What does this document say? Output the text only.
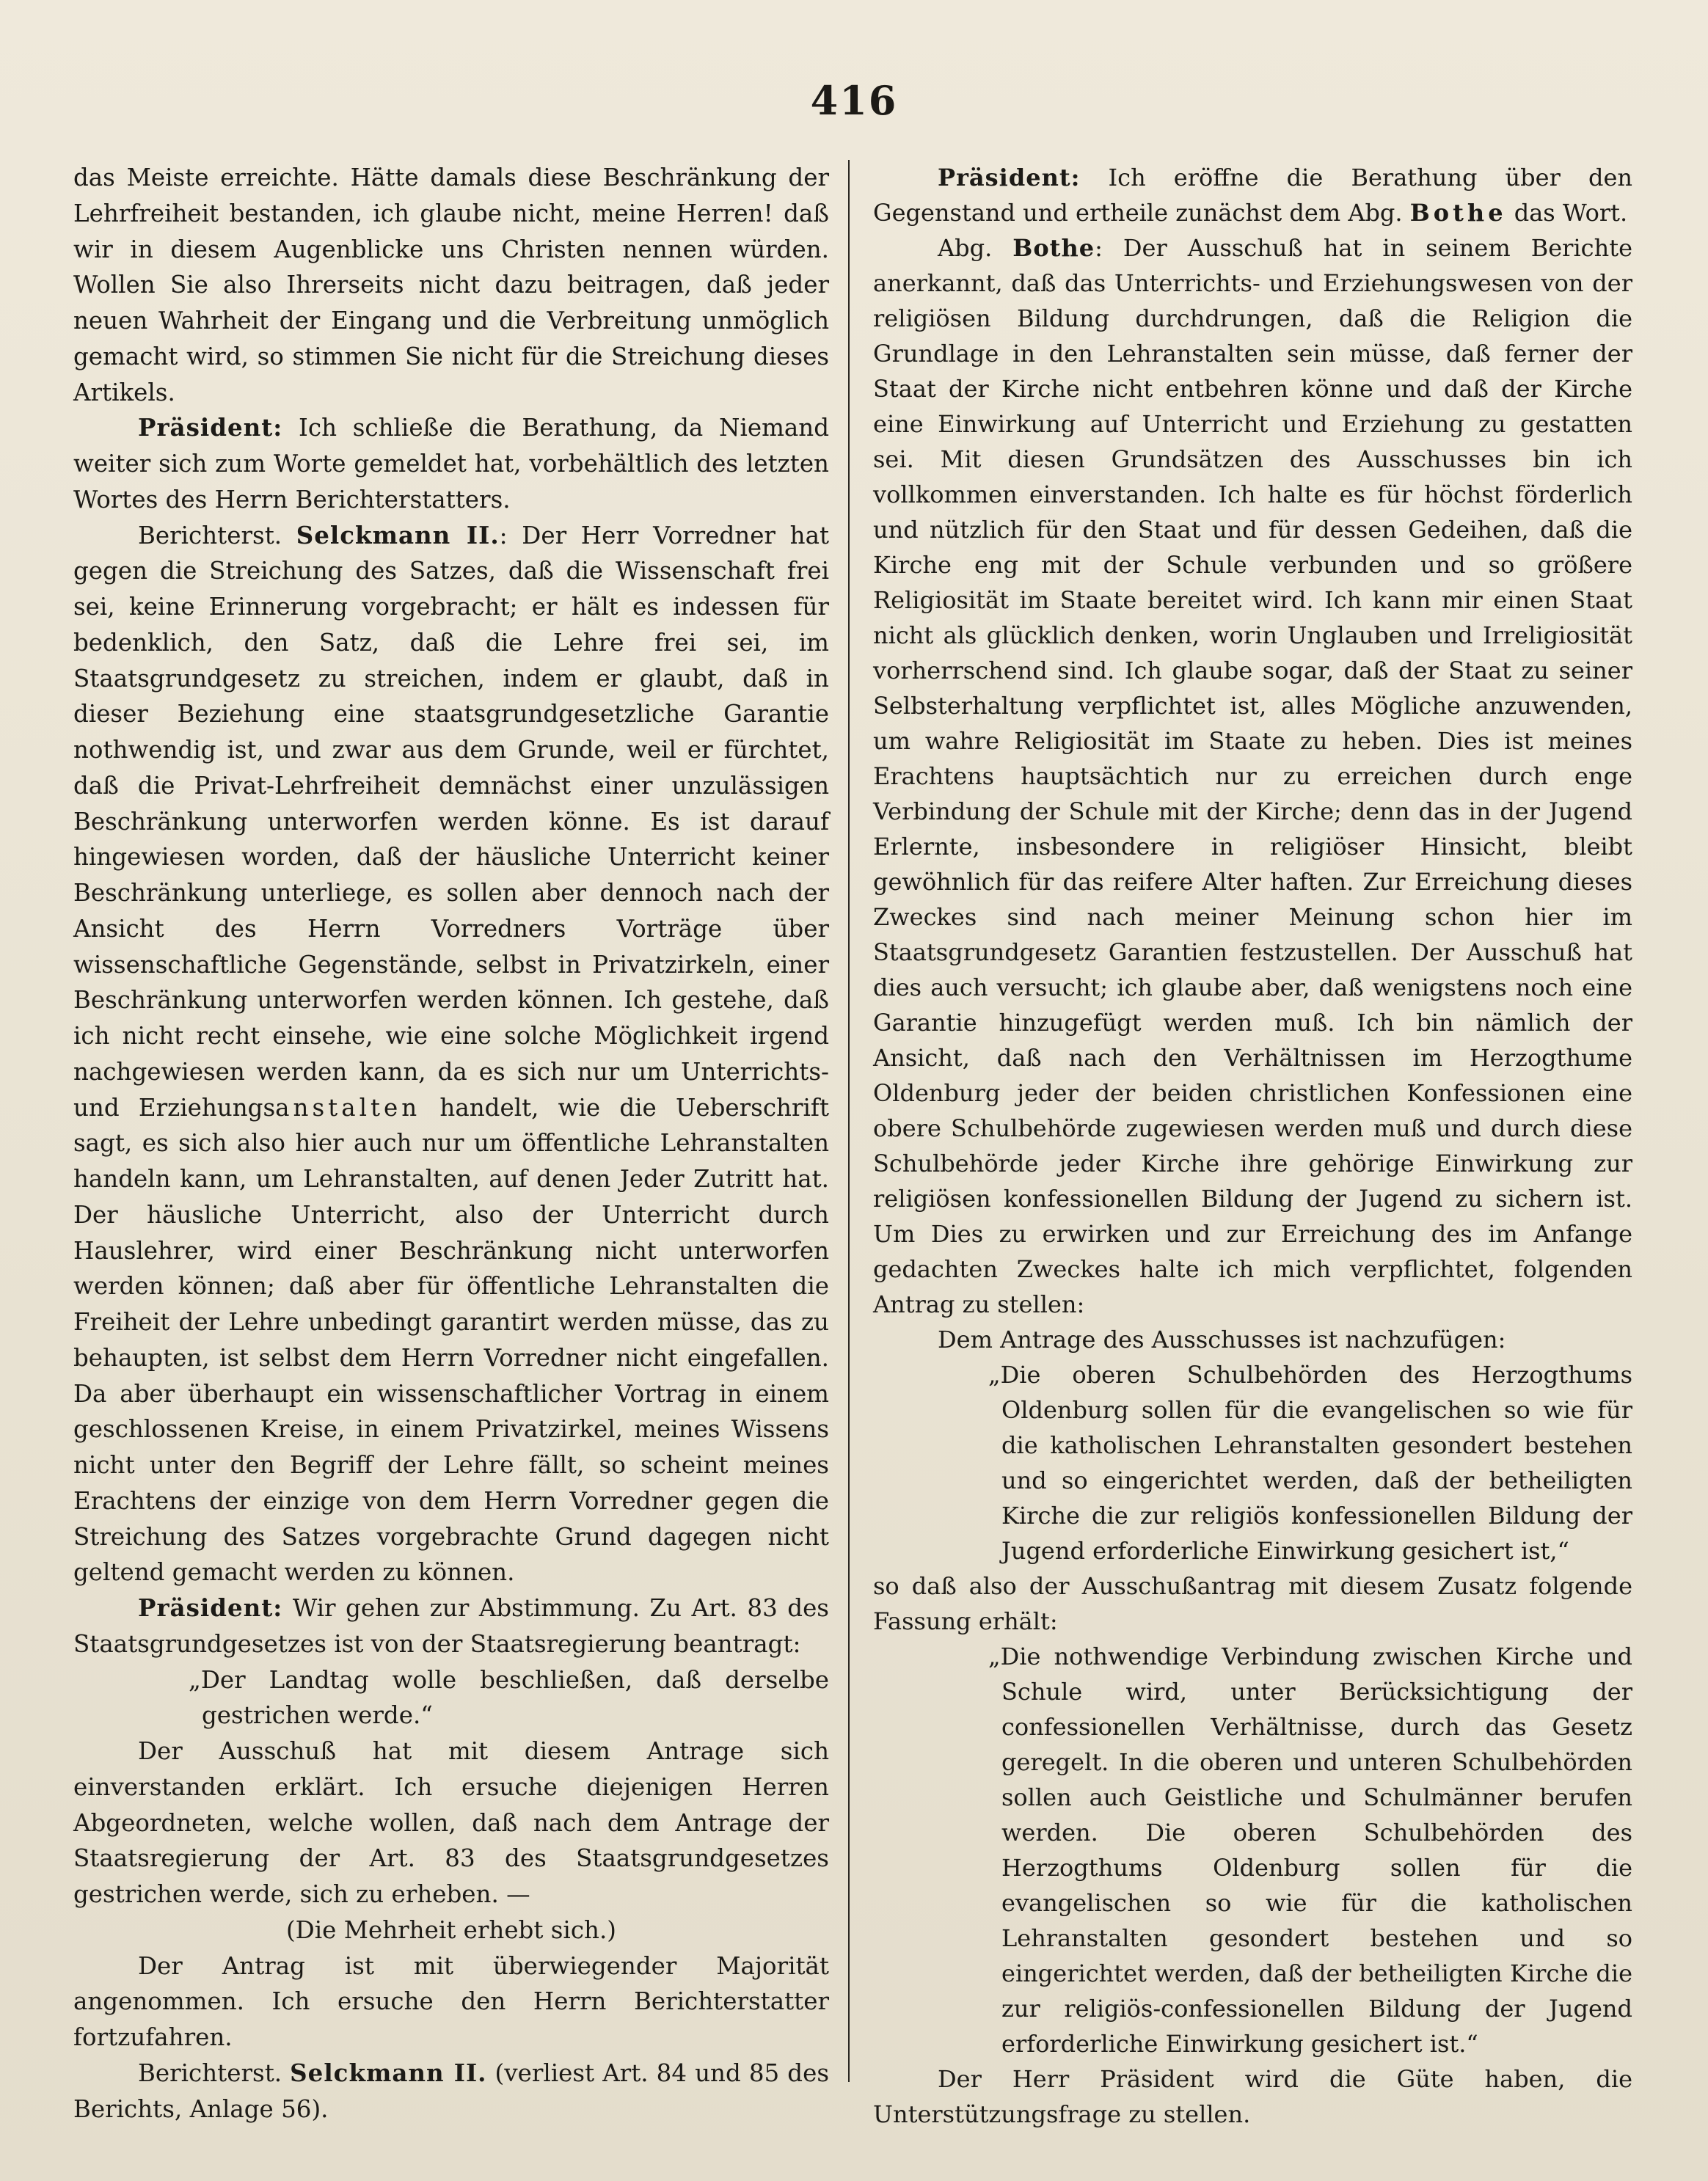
416

das Meiste erreichte. Hätte damals diese Beschränkung der Lehrfreiheit bestanden, ich glaube nicht, meine Herren! daß wir in diesem Augenblicke uns Christen nennen würden. Wollen Sie also Ihrerseits nicht dazu beitragen, daß jeder neuen Wahrheit der Eingang und die Verbreitung unmöglich gemacht wird, so stimmen Sie nicht für die Streichung dieses Artikels.

Präsident: Ich schließe die Berathung, da Niemand weiter sich zum Worte gemeldet hat, vorbehältlich des letzten Wortes des Herrn Berichterstatters.

Berichterst. Selckmann II.: Der Herr Vorredner hat gegen die Streichung des Satzes, daß die Wissenschaft frei sei, keine Erinnerung vorgebracht; er hält es indessen für bedenklich, den Satz, daß die Lehre frei sei, im Staatsgrundgesetz zu streichen, indem er glaubt, daß in dieser Beziehung eine staatsgrundgesetzliche Garantie nothwendig ist, und zwar aus dem Grunde, weil er fürchtet, daß die Privat-Lehrfreiheit demnächst einer unzulässigen Beschränkung unterworfen werden könne. Es ist darauf hingewiesen worden, daß der häusliche Unterricht keiner Beschränkung unterliege, es sollen aber dennoch nach der Ansicht des Herrn Vorredners Vorträge über wissenschaftliche Gegenstände, selbst in Privatzirkeln, einer Beschränkung unterworfen werden können. Ich gestehe, daß ich nicht recht einsehe, wie eine solche Möglichkeit irgend nachgewiesen werden kann, da es sich nur um Unterrichts- und Erziehungsanstalten handelt, wie die Ueberschrift sagt, es sich also hier auch nur um öffentliche Lehranstalten handeln kann, um Lehranstalten, auf denen Jeder Zutritt hat. Der häusliche Unterricht, also der Unterricht durch Hauslehrer, wird einer Beschränkung nicht unterworfen werden können; daß aber für öffentliche Lehranstalten die Freiheit der Lehre unbedingt garantirt werden müsse, das zu behaupten, ist selbst dem Herrn Vorredner nicht eingefallen. Da aber überhaupt ein wissenschaftlicher Vortrag in einem geschlossenen Kreise, in einem Privatzirkel, meines Wissens nicht unter den Begriff der Lehre fällt, so scheint meines Erachtens der einzige von dem Herrn Vorredner gegen die Streichung des Satzes vorgebrachte Grund dagegen nicht geltend gemacht werden zu können.

Präsident: Wir gehen zur Abstimmung. Zu Art. 83 des Staatsgrundgesetzes ist von der Staatsregierung beantragt:

„Der Landtag wolle beschließen, daß derselbe gestrichen werde.“

Der Ausschuß hat mit diesem Antrage sich einverstanden erklärt. Ich ersuche diejenigen Herren Abgeordneten, welche wollen, daß nach dem Antrage der Staatsregierung der Art. 83 des Staatsgrundgesetzes gestrichen werde, sich zu erheben. —

(Die Mehrheit erhebt sich.)

Der Antrag ist mit überwiegender Majorität angenommen. Ich ersuche den Herrn Berichterstatter fortzufahren.

Berichterst. Selckmann II. (verliest Art. 84 und 85 des Berichts, Anlage 56).

Präsident: Ich eröffne die Berathung über den Gegenstand und ertheile zunächst dem Abg. Bothe das Wort.

Abg. Bothe: Der Ausschuß hat in seinem Berichte anerkannt, daß das Unterrichts- und Erziehungswesen von der religiösen Bildung durchdrungen, daß die Religion die Grundlage in den Lehranstalten sein müsse, daß ferner der Staat der Kirche nicht entbehren könne und daß der Kirche eine Einwirkung auf Unterricht und Erziehung zu gestatten sei. Mit diesen Grundsätzen des Ausschusses bin ich vollkommen einverstanden. Ich halte es für höchst förderlich und nützlich für den Staat und für dessen Gedeihen, daß die Kirche eng mit der Schule verbunden und so größere Religiosität im Staate bereitet wird. Ich kann mir einen Staat nicht als glücklich denken, worin Unglauben und Irreligiosität vorherrschend sind. Ich glaube sogar, daß der Staat zu seiner Selbsterhaltung verpflichtet ist, alles Mögliche anzuwenden, um wahre Religiosität im Staate zu heben. Dies ist meines Erachtens hauptsächtich nur zu erreichen durch enge Verbindung der Schule mit der Kirche; denn das in der Jugend Erlernte, insbesondere in religiöser Hinsicht, bleibt gewöhnlich für das reifere Alter haften. Zur Erreichung dieses Zweckes sind nach meiner Meinung schon hier im Staatsgrundgesetz Garantien festzustellen. Der Ausschuß hat dies auch versucht; ich glaube aber, daß wenigstens noch eine Garantie hinzugefügt werden muß. Ich bin nämlich der Ansicht, daß nach den Verhältnissen im Herzogthume Oldenburg jeder der beiden christlichen Konfessionen eine obere Schulbehörde zugewiesen werden muß und durch diese Schulbehörde jeder Kirche ihre gehörige Einwirkung zur religiösen konfessionellen Bildung der Jugend zu sichern ist. Um Dies zu erwirken und zur Erreichung des im Anfange gedachten Zweckes halte ich mich verpflichtet, folgenden Antrag zu stellen:

Dem Antrage des Ausschusses ist nachzufügen:

„Die oberen Schulbehörden des Herzogthums Oldenburg sollen für die evangelischen so wie für die katholischen Lehranstalten gesondert bestehen und so eingerichtet werden, daß der betheiligten Kirche die zur religiös konfessionellen Bildung der Jugend erforderliche Einwirkung gesichert ist,“

so daß also der Ausschußantrag mit diesem Zusatz folgende Fassung erhält:

„Die nothwendige Verbindung zwischen Kirche und Schule wird, unter Berücksichtigung der confessionellen Verhältnisse, durch das Gesetz geregelt. In die oberen und unteren Schulbehörden sollen auch Geistliche und Schulmänner berufen werden. Die oberen Schulbehörden des Herzogthums Oldenburg sollen für die evangelischen so wie für die katholischen Lehranstalten gesondert bestehen und so eingerichtet werden, daß der betheiligten Kirche die zur religiös-confessionellen Bildung der Jugend erforderliche Einwirkung gesichert ist.“

Der Herr Präsident wird die Güte haben, die Unterstützungsfrage zu stellen.
